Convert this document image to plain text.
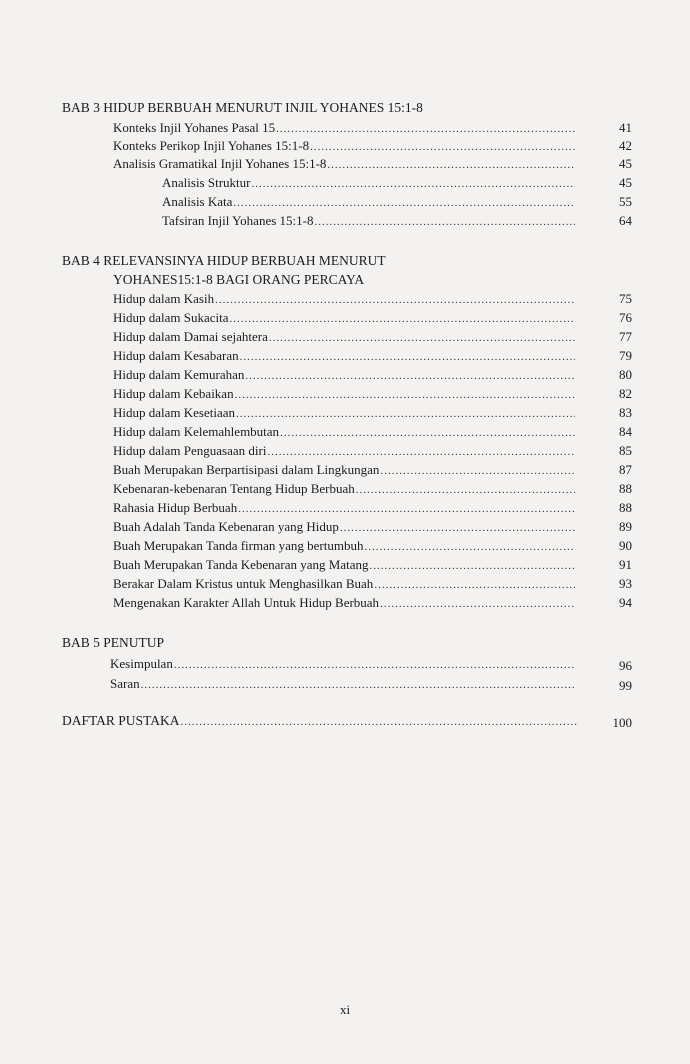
BAB 3 HIDUP BERBUAH MENURUT INJIL YOHANES 15:1-8
Konteks Injil Yohanes Pasal 15 .....	41
Konteks Perikop Injil Yohanes 15:1-8 .....	42
Analisis Gramatikal Injil Yohanes 15:1-8 .....	45
Analisis Struktur .....	45
Analisis Kata .....	55
Tafsiran Injil Yohanes 15:1-8 .....	64
BAB 4 RELEVANSINYA HIDUP BERBUAH MENURUT
YOHANES15:1-8 BAGI ORANG PERCAYA
Hidup dalam Kasih .....	75
Hidup dalam Sukacita .....	76
Hidup dalam Damai sejahtera .....	77
Hidup dalam Kesabaran .....	79
Hidup dalam Kemurahan .....	80
Hidup dalam Kebaikan .....	82
Hidup dalam Kesetiaan .....	83
Hidup dalam Kelemahlembutan .....	84
Hidup dalam Penguasaan diri .....	85
Buah Merupakan Berpartisipasi dalam Lingkungan .....	87
Kebenaran-kebenaran Tentang Hidup Berbuah .....	88
Rahasia Hidup Berbuah .....	88
Buah Adalah Tanda Kebenaran yang Hidup .....	89
Buah Merupakan Tanda firman yang bertumbuh .....	90
Buah Merupakan Tanda Kebenaran yang Matang .....	91
Berakar Dalam Kristus untuk Menghasilkan Buah .....	93
Mengenakan Karakter Allah Untuk Hidup Berbuah .....	94
BAB 5 PENUTUP
Kesimpulan .....	96
Saran .....	99
DAFTAR PUSTAKA .....	100
xi
